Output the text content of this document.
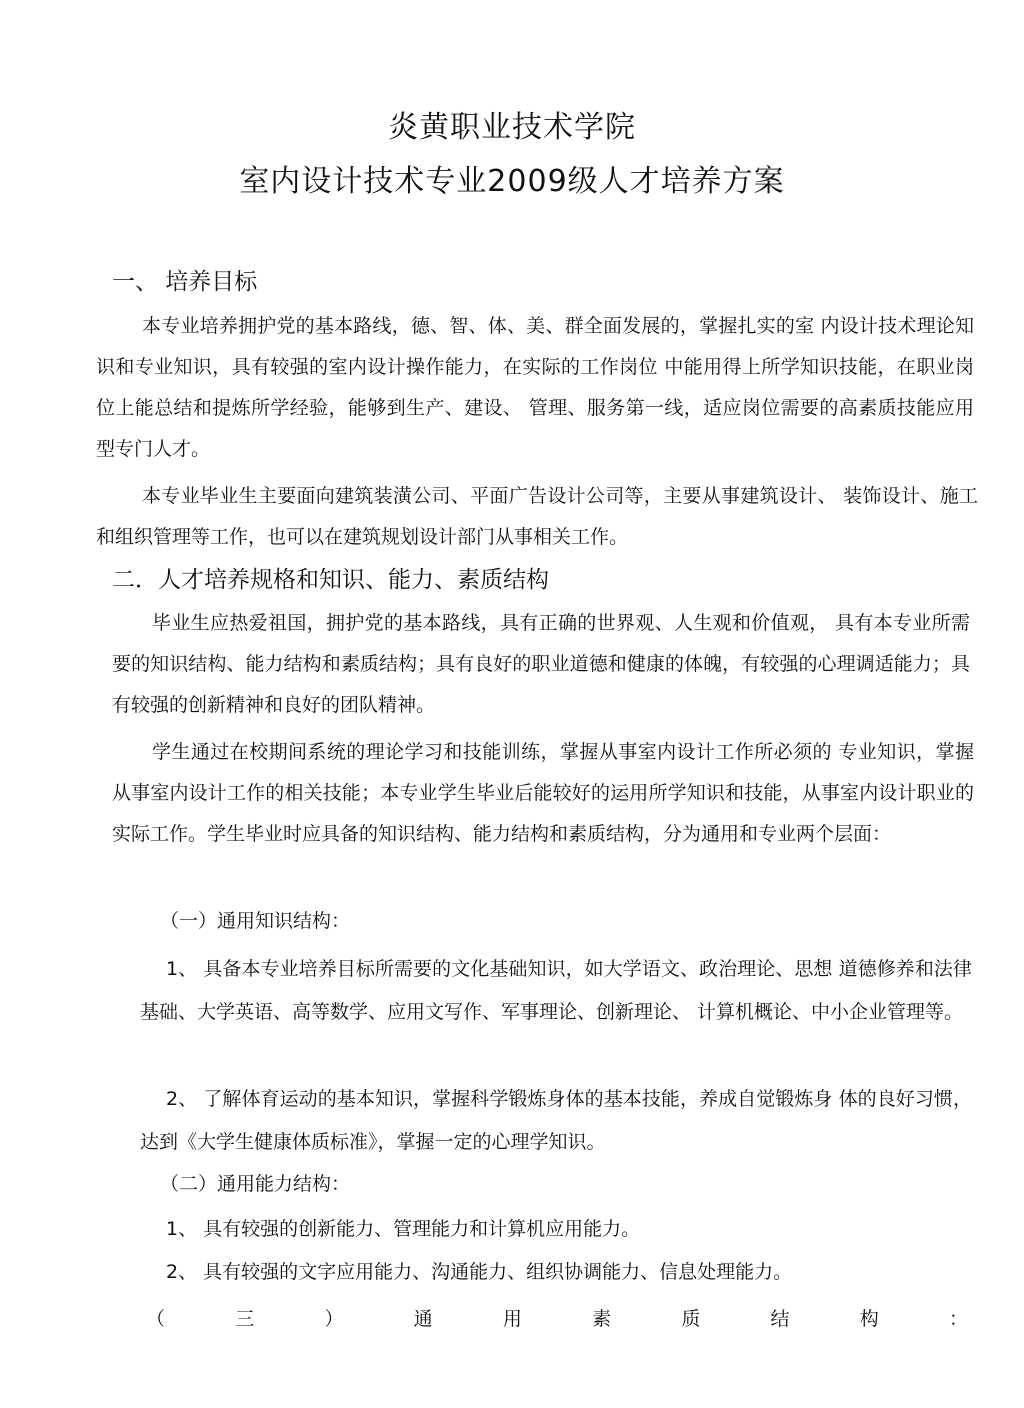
炎黄职业技术学院
室内设计技术专业2009级人才培养方案
一、 培养目标
本专业培养拥护党的基本路线，德、智、体、美、群全面发展的，掌握扎实的室 内设计技术理论知识和专业知识，具有较强的室内设计操作能力，在实际的工作岗位 中能用得上所学知识技能，在职业岗位上能总结和提炼所学经验，能够到生产、建设、 管理、服务第一线，适应岗位需要的高素质技能应用型专门人才。
本专业毕业生主要面向建筑装潢公司、平面广告设计公司等，主要从事建筑设计、 装饰设计、施工和组织管理等工作，也可以在建筑规划设计部门从事相关工作。
二．人才培养规格和知识、能力、素质结构
毕业生应热爱祖国，拥护党的基本路线，具有正确的世界观、人生观和价值观， 具有本专业所需要的知识结构、能力结构和素质结构；具有良好的职业道德和健康的体魄，有较强的心理调适能力；具有较强的创新精神和良好的团队精神。
学生通过在校期间系统的理论学习和技能训练，掌握从事室内设计工作所必须的 专业知识，掌握从事室内设计工作的相关技能；本专业学生毕业后能较好的运用所学知识和技能，从事室内设计职业的实际工作。学生毕业时应具备的知识结构、能力结构和素质结构，分为通用和专业两个层面：
（一）通用知识结构：
1、 具备本专业培养目标所需要的文化基础知识，如大学语文、政治理论、思想 道德修养和法律基础、大学英语、高等数学、应用文写作、军事理论、创新理论、 计算机概论、中小企业管理等。
2、 了解体育运动的基本知识，掌握科学锻炼身体的基本技能，养成自觉锻炼身 体的良好习惯，达到《大学生健康体质标准》，掌握一定的心理学知识。
（二）通用能力结构：
1、 具有较强的创新能力、管理能力和计算机应用能力。
2、 具有较强的文字应用能力、沟通能力、组织协调能力、信息处理能力。
（	三	）	通	用	素	质	结	构	：
